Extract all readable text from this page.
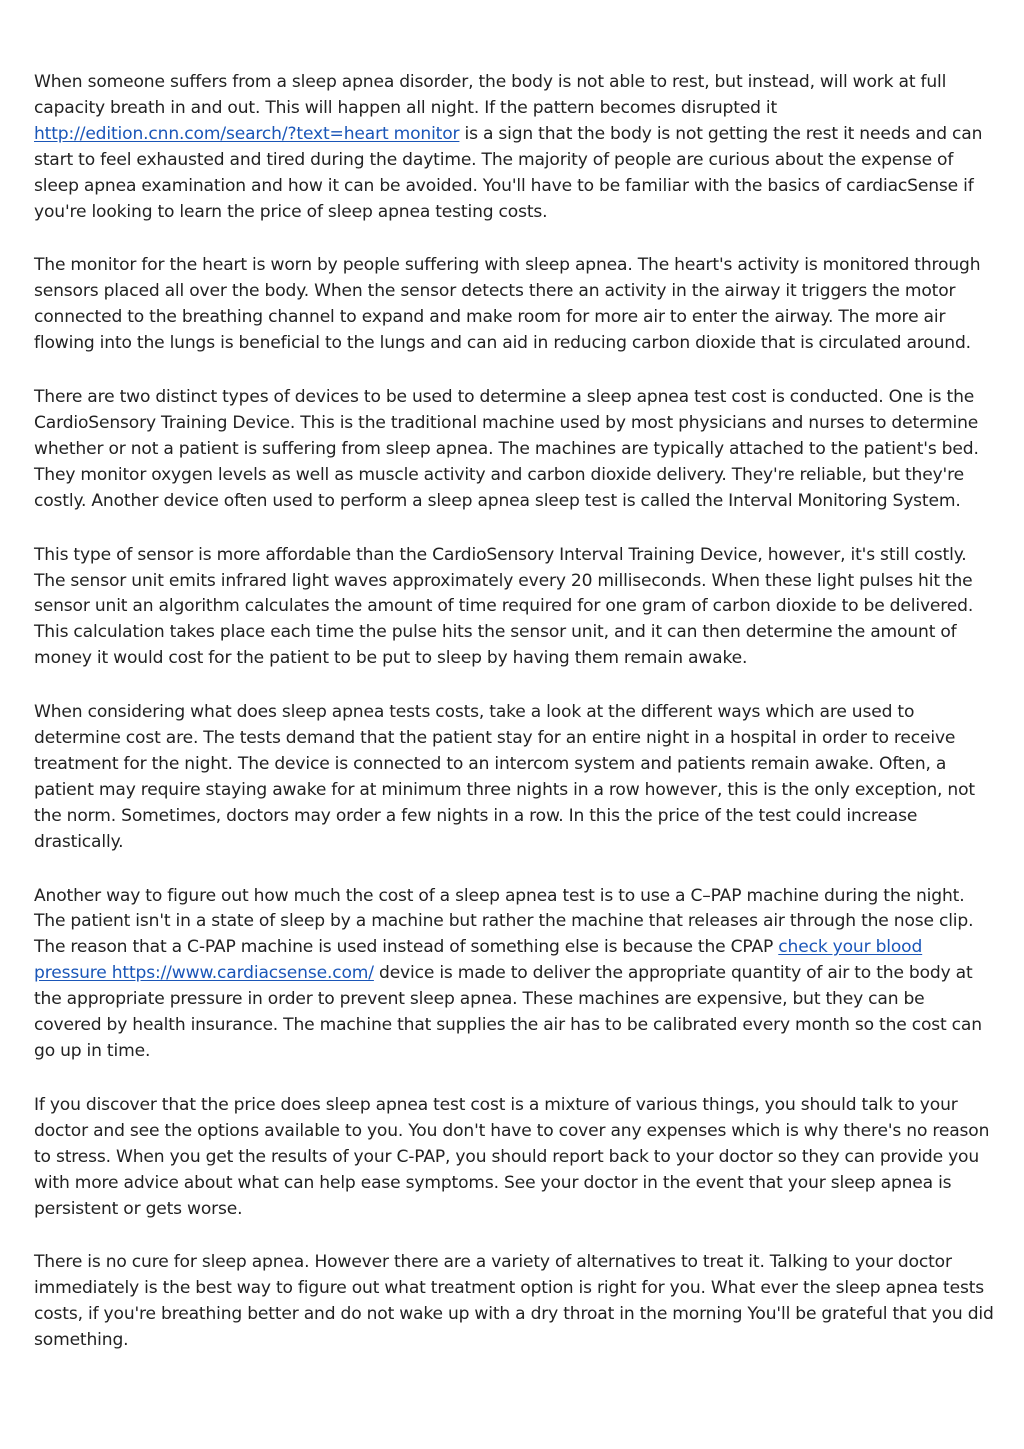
When someone suffers from a sleep apnea disorder, the body is not able to rest, but instead, will work at full capacity breath in and out. This will happen all night. If the pattern becomes disrupted it http://edition.cnn.com/search/?text=heart monitor is a sign that the body is not getting the rest it needs and can start to feel exhausted and tired during the daytime. The majority of people are curious about the expense of sleep apnea examination and how it can be avoided. You'll have to be familiar with the basics of cardiacSense if you're looking to learn the price of sleep apnea testing costs.

The monitor for the heart is worn by people suffering with sleep apnea. The heart's activity is monitored through sensors placed all over the body. When the sensor detects there an activity in the airway it triggers the motor connected to the breathing channel to expand and make room for more air to enter the airway. The more air flowing into the lungs is beneficial to the lungs and can aid in reducing carbon dioxide that is circulated around.

There are two distinct types of devices to be used to determine a sleep apnea test cost is conducted. One is the CardioSensory Training Device. This is the traditional machine used by most physicians and nurses to determine whether or not a patient is suffering from sleep apnea. The machines are typically attached to the patient's bed. They monitor oxygen levels as well as muscle activity and carbon dioxide delivery. They're reliable, but they're costly. Another device often used to perform a sleep apnea sleep test is called the Interval Monitoring System.

This type of sensor is more affordable than the CardioSensory Interval Training Device, however, it's still costly. The sensor unit emits infrared light waves approximately every 20 milliseconds. When these light pulses hit the sensor unit an algorithm calculates the amount of time required for one gram of carbon dioxide to be delivered. This calculation takes place each time the pulse hits the sensor unit, and it can then determine the amount of money it would cost for the patient to be put to sleep by having them remain awake.

When considering what does sleep apnea tests costs, take a look at the different ways which are used to determine cost are. The tests demand that the patient stay for an entire night in a hospital in order to receive treatment for the night. The device is connected to an intercom system and patients remain awake. Often, a patient may require staying awake for at minimum three nights in a row however, this is the only exception, not the norm. Sometimes, doctors may order a few nights in a row. In this the price of the test could increase drastically.

Another way to figure out how much the cost of a sleep apnea test is to use a C–PAP machine during the night. The patient isn't in a state of sleep by a machine but rather the machine that releases air through the nose clip. The reason that a C-PAP machine is used instead of something else is because the CPAP check your blood pressure https://www.cardiacsense.com/ device is made to deliver the appropriate quantity of air to the body at the appropriate pressure in order to prevent sleep apnea. These machines are expensive, but they can be covered by health insurance. The machine that supplies the air has to be calibrated every month so the cost can go up in time.

If you discover that the price does sleep apnea test cost is a mixture of various things, you should talk to your doctor and see the options available to you. You don't have to cover any expenses which is why there's no reason to stress. When you get the results of your C-PAP, you should report back to your doctor so they can provide you with more advice about what can help ease symptoms. See your doctor in the event that your sleep apnea is persistent or gets worse.

There is no cure for sleep apnea. However there are a variety of alternatives to treat it. Talking to your doctor immediately is the best way to figure out what treatment option is right for you. What ever the sleep apnea tests costs, if you're breathing better and do not wake up with a dry throat in the morning You'll be grateful that you did something.
